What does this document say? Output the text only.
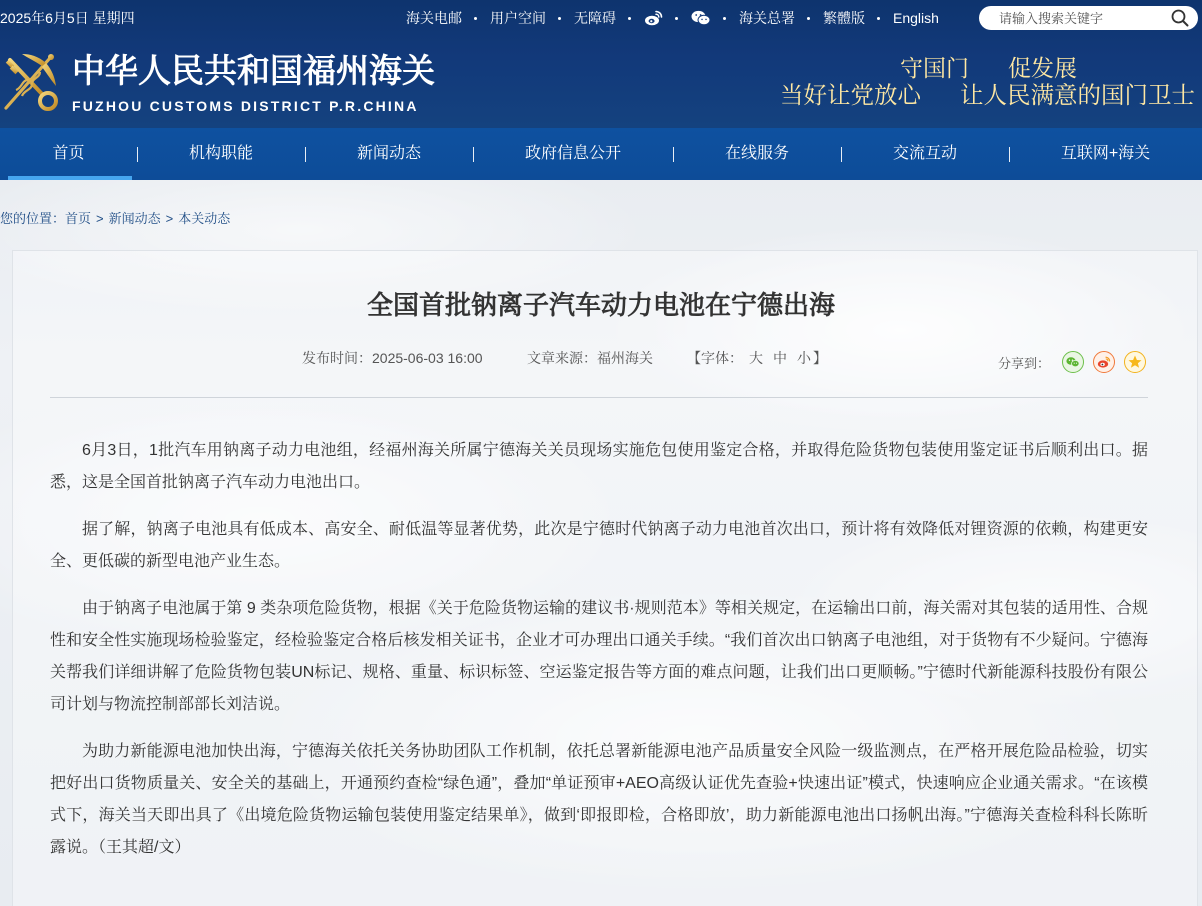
2025年6月5日 星期四	海关电邮 用户空间 无障碍	海关总署 繁體版 English
请输入搜索关键字
中华人民共和国福州海关
FUZHOU CUSTOMS DISTRICT P.R.CHINA
守国门 促发展
当好让党放心 让人民满意的国门卫士
首页	机构职能	新闻动态	政府信息公开	在线服务	交流互动	互联网+海关
您的位置：首页 > 新闻动态 > 本关动态
全国首批钠离子汽车动力电池在宁德出海
发布时间：2025-06-03 16:00	文章来源：福州海关 【字体： 大 中 小 】	分享到：

6月3日，1批汽车用钠离子动力电池组，经福州海关所属宁德海关关员现场实施危包使用鉴定合格，并取得危险货物包装使用鉴定证书后顺利出口。据悉，这是全国首批钠离子汽车动力电池出口。

据了解，钠离子电池具有低成本、高安全、耐低温等显著优势，此次是宁德时代钠离子动力电池首次出口，预计将有效降低对锂资源的依赖，构建更安全、更低碳的新型电池产业生态。

由于钠离子电池属于第 9 类杂项危险货物，根据《关于危险货物运输的建议书·规则范本》等相关规定，在运输出口前，海关需对其包装的适用性、合规性和安全性实施现场检验鉴定，经检验鉴定合格后核发相关证书，企业才可办理出口通关手续。“我们首次出口钠离子电池组，对于货物有不少疑问。宁德海关帮我们详细讲解了危险货物包装UN标记、规格、重量、标识标签、空运鉴定报告等方面的难点问题，让我们出口更顺畅。”宁德时代新能源科技股份有限公司计划与物流控制部部长刘洁说。

为助力新能源电池加快出海，宁德海关依托关务协助团队工作机制，依托总署新能源电池产品质量安全风险一级监测点，在严格开展危险品检验，切实把好出口货物质量关、安全关的基础上，开通预约查检“绿色通”，叠加“单证预审+AEO高级认证优先查验+快速出证”模式，快速响应企业通关需求。“在该模式下，海关当天即出具了《出境危险货物运输包装使用鉴定结果单》，做到‘即报即检，合格即放’，助力新能源电池出口扬帆出海。”宁德海关查检科科长陈昕露说。（王其超/文）
